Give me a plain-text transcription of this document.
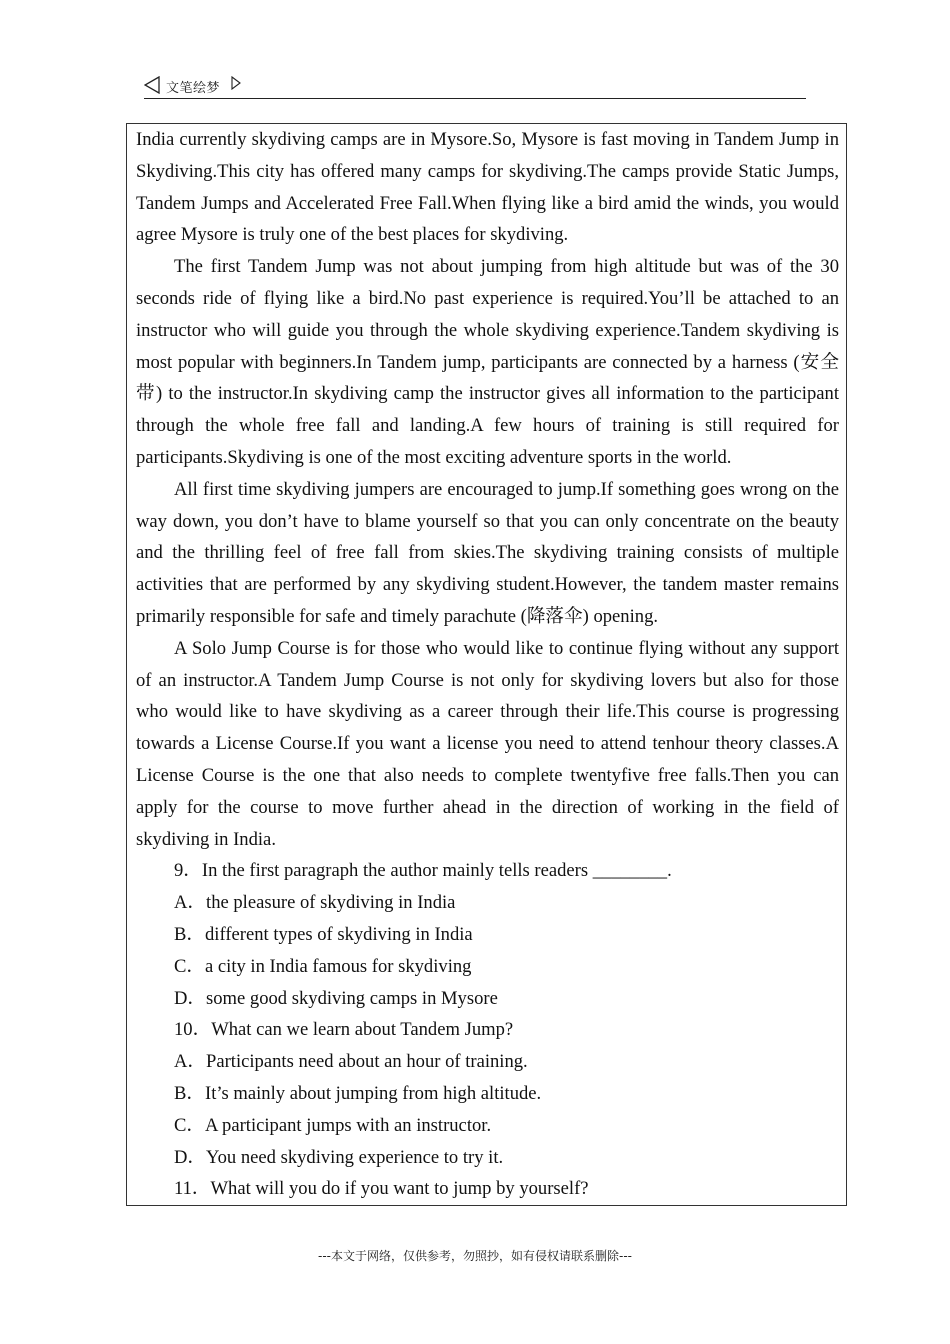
文笔绘梦

India currently skydiving camps are in Mysore.So, Mysore is fast moving in Tandem Jump in Skydiving.This city has offered many camps for skydiving.The camps provide Static Jumps, Tandem Jumps and Accelerated Free Fall.When flying like a bird amid the winds, you would agree Mysore is truly one of the best places for skydiving.

The first Tandem Jump was not about jumping from high altitude but was of the 30 seconds ride of flying like a bird.No past experience is required.You’ll be attached to an instructor who will guide you through the whole skydiving experience.Tandem skydiving is most popular with beginners.In Tandem jump, participants are connected by a harness (安全带) to the instructor.In skydiving camp the instructor gives all information to the participant through the whole free fall and landing.A few hours of training is still required for participants.Skydiving is one of the most exciting adventure sports in the world.

All first time skydiving jumpers are encouraged to jump.If something goes wrong on the way down, you don’t have to blame yourself so that you can only concentrate on the beauty and the thrilling feel of free fall from skies.The skydiving training consists of multiple activities that are performed by any skydiving student.However, the tandem master remains primarily responsible for safe and timely parachute (降落伞) opening.

A Solo Jump Course is for those who would like to continue flying without any support of an instructor.A Tandem Jump Course is not only for skydiving lovers but also for those who would like to have skydiving as a career through their life.This course is progressing towards a License Course.If you want a license you need to attend tenhour theory classes.A License Course is the one that also needs to complete twentyfive free falls.Then you can apply for the course to move further ahead in the direction of working in the field of skydiving in India.

9．In the first paragraph the author mainly tells readers ________.

A．the pleasure of skydiving in India

B．different types of skydiving in India

C．a city in India famous for skydiving

D．some good skydiving camps in Mysore

10．What can we learn about Tandem Jump?

A．Participants need about an hour of training.

B．It’s mainly about jumping from high altitude.

C．A participant jumps with an instructor.

D．You need skydiving experience to try it.

11．What will you do if you want to jump by yourself?

---本文于网络，仅供参考，勿照抄，如有侵权请联系删除---
